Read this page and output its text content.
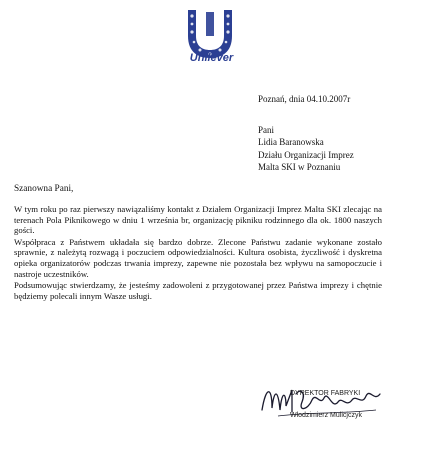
Unilever
Poznań, dnia 04.10.2007r
Pani
Lidia Baranowska
Działu Organizacji Imprez
Malta SKI w Poznaniu
Szanowna Pani,

W tym roku po raz pierwszy nawiązaliśmy kontakt z Działem Organizacji Imprez Malta SKI zlecając na terenach Pola Piknikowego w dniu 1 września br, organizację pikniku rodzinnego dla ok. 1800 naszych gości.

Współpraca z Państwem układała się bardzo dobrze. Zlecone Państwu zadanie wykonane zostało sprawnie, z należytą rozwagą i poczuciem odpowiedzialności. Kultura osobista, życzliwość i dyskretna opieka organizatorów podczas trwania imprezy, zapewne nie pozostała bez wpływu na samopoczucie i nastroje uczestników.

Podsumowując stwierdzamy, że jesteśmy zadowoleni z przygotowanej przez Państwa imprezy i chętnie będziemy polecali innym Wasze usługi.

DYREKTOR FABRYKI
Włodzimierz Mulicjczyk
